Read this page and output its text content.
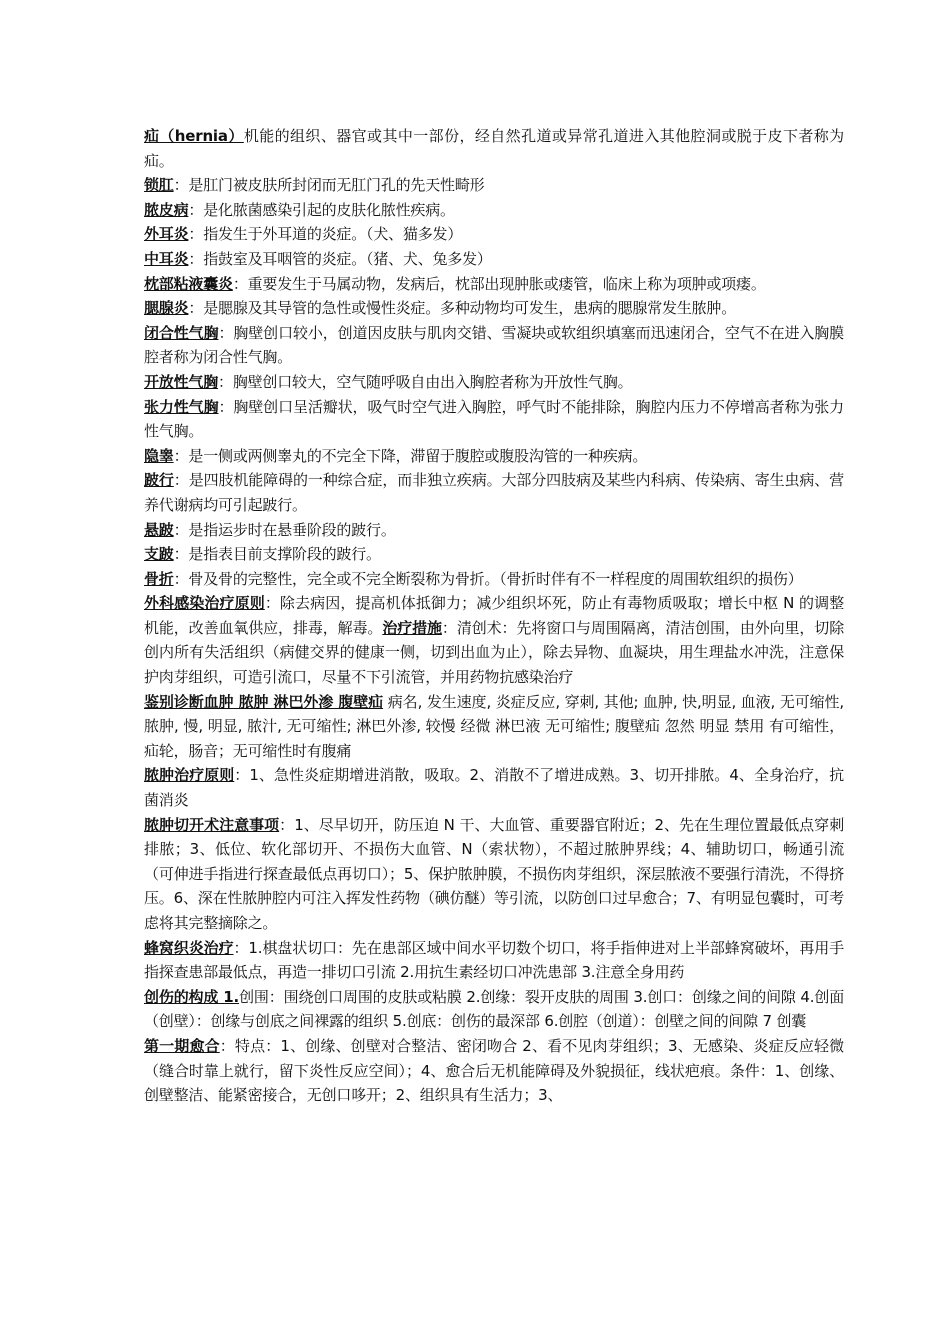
疝（hernia）机能的组织、器官或其中一部份，经自然孔道或异常孔道进入其他腔洞或脱于皮下者称为疝。

锁肛：是肛门被皮肤所封闭而无肛门孔的先天性畸形

脓皮病：是化脓菌感染引起的皮肤化脓性疾病。

外耳炎：指发生于外耳道的炎症。（犬、猫多发）

中耳炎：指鼓室及耳咽管的炎症。（猪、犬、兔多发）

枕部粘液囊炎：重要发生于马属动物，发病后，枕部出现肿胀或瘘管，临床上称为项肿或项瘘。

腮腺炎：是腮腺及其导管的急性或慢性炎症。多种动物均可发生，患病的腮腺常发生脓肿。

闭合性气胸：胸壁创口较小，创道因皮肤与肌肉交错、雪凝块或软组织填塞而迅速闭合，空气不在进入胸膜腔者称为闭合性气胸。

开放性气胸：胸壁创口较大，空气随呼吸自由出入胸腔者称为开放性气胸。

张力性气胸：胸壁创口呈活瓣状，吸气时空气进入胸腔，呼气时不能排除，胸腔内压力不停增高者称为张力性气胸。

隐睾：是一侧或两侧睾丸的不完全下降，滞留于腹腔或腹股沟管的一种疾病。

跛行：是四肢机能障碍的一种综合症，而非独立疾病。大部分四肢病及某些内科病、传染病、寄生虫病、营养代谢病均可引起跛行。

悬跛：是指运步时在悬垂阶段的跛行。

支跛：是指表目前支撑阶段的跛行。

骨折：骨及骨的完整性，完全或不完全断裂称为骨折。（骨折时伴有不一样程度的周围软组织的损伤）

外科感染治疗原则：除去病因，提高机体抵御力；减少组织坏死，防止有毒物质吸取；增长中枢 N 的调整机能，改善血氧供应，排毒，解毒。治疗措施：清创术：先将窗口与周围隔离，清洁创围，由外向里，切除创内所有失活组织（病健交界的健康一侧，切到出血为止），除去异物、血凝块，用生理盐水冲洗，注意保护肉芽组织，可造引流口，尽量不下引流管，并用药物抗感染治疗

鉴别诊断血肿 脓肿 淋巴外渗 腹壁疝 病名, 发生速度, 炎症反应, 穿刺, 其他; 血肿, 快,明显, 血液, 无可缩性, 脓肿, 慢, 明显, 脓汁, 无可缩性; 淋巴外渗, 较慢 经微 淋巴液 无可缩性; 腹壁疝 忽然 明显 禁用 有可缩性，疝轮，肠音；无可缩性时有腹痛

脓肿治疗原则：1、急性炎症期增进消散，吸取。2、消散不了增进成熟。3、切开排脓。4、全身治疗，抗菌消炎

脓肿切开术注意事项：1、尽早切开，防压迫 N 干、大血管、重要器官附近；2、先在生理位置最低点穿刺排脓；3、低位、软化部切开、不损伤大血管、N（索状物），不超过脓肿界线；4、辅助切口，畅通引流（可伸进手指进行探查最低点再切口）；5、保护脓肿膜，不损伤肉芽组织，深层脓液不要强行清洗，不得挤压。6、深在性脓肿腔内可注入挥发性药物（碘仿醚）等引流，以防创口过早愈合；7、有明显包囊时，可考虑将其完整摘除之。

蜂窝织炎治疗：1.棋盘状切口：先在患部区域中间水平切数个切口，将手指伸进对上半部蜂窝破坏，再用手指探查患部最低点，再造一排切口引流 2.用抗生素经切口冲洗患部 3.注意全身用药

创伤的构成 1.创围：围绕创口周围的皮肤或粘膜 2.创缘：裂开皮肤的周围 3.创口：创缘之间的间隙 4.创面（创壁）：创缘与创底之间裸露的组织 5.创底：创伤的最深部 6.创腔（创道）：创壁之间的间隙 7 创囊

第一期愈合：特点：1、创缘、创壁对合整洁、密闭吻合 2、看不见肉芽组织；3、无感染、炎症反应轻微（缝合时靠上就行，留下炎性反应空间）；4、愈合后无机能障碍及外貌损征，线状疤痕。条件：1、创缘、创壁整洁、能紧密接合，无创口哆开；2、组织具有生活力；3、
